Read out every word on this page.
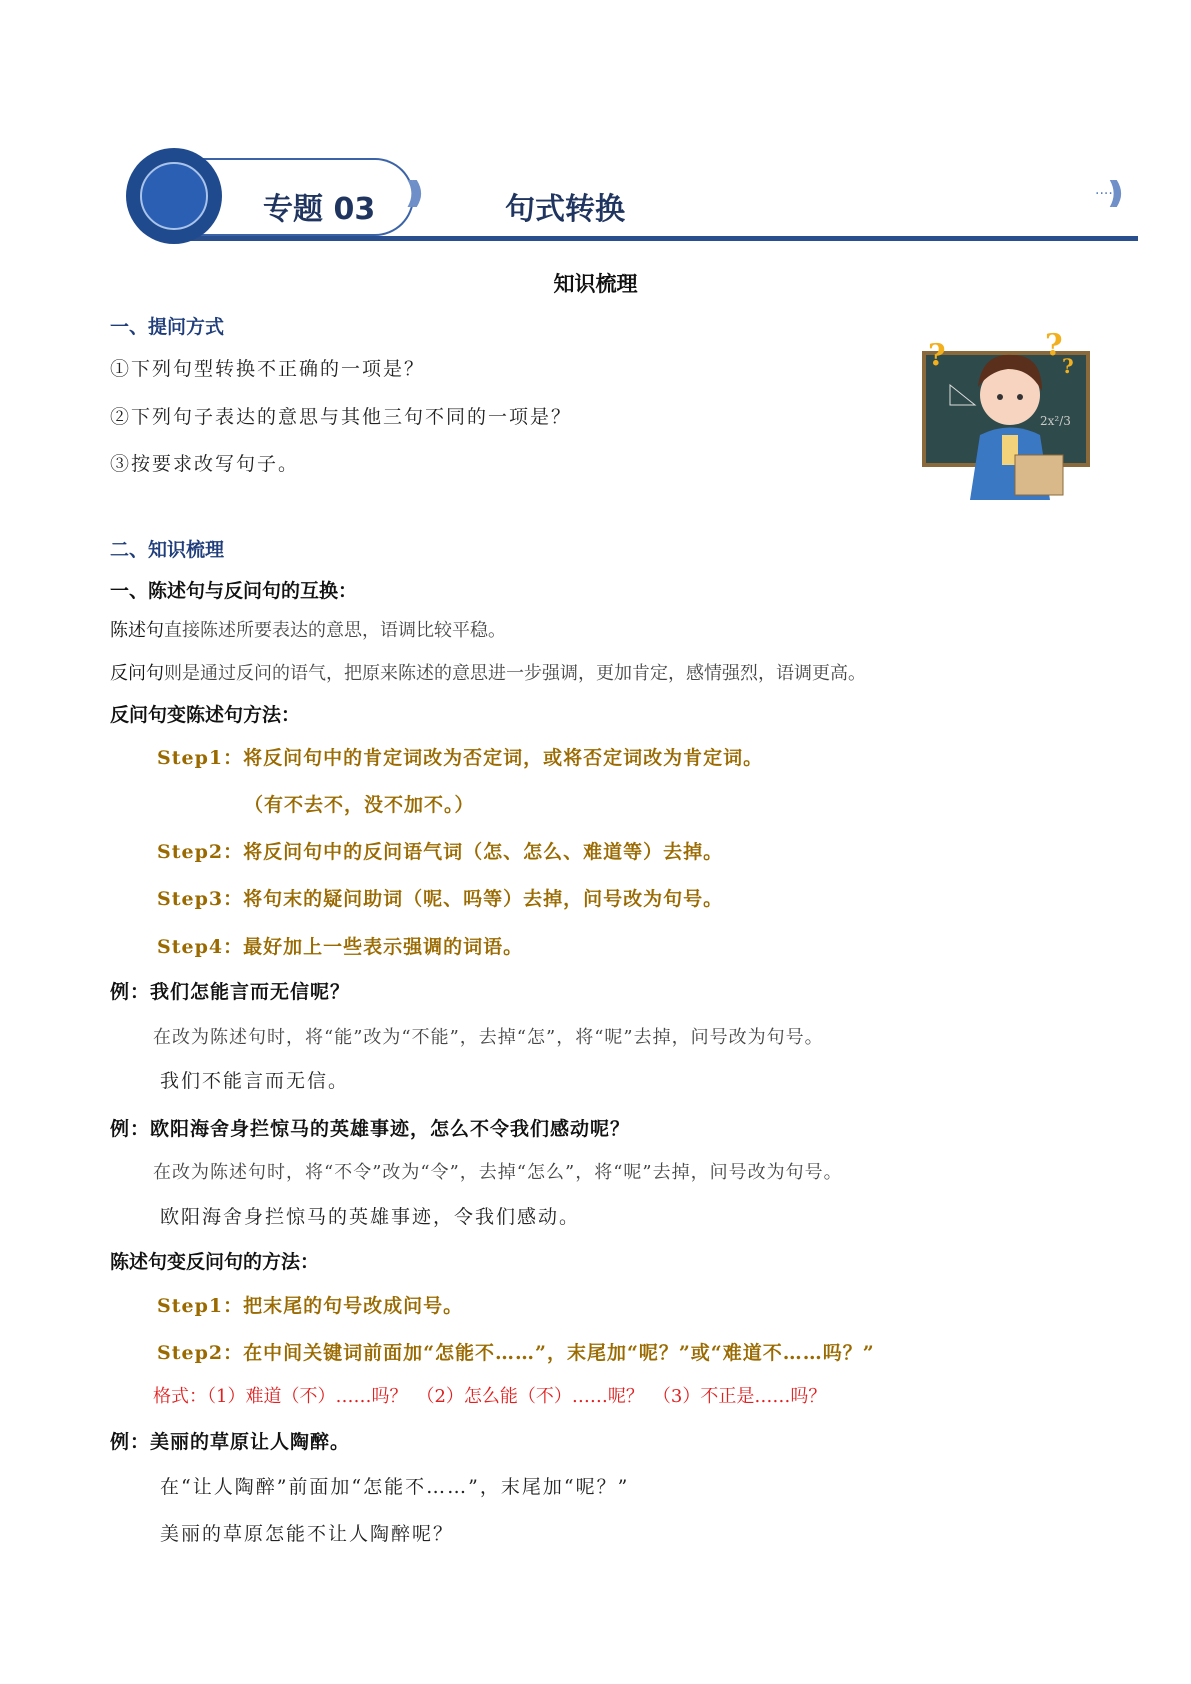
专题 03	句式转换	····
知识梳理
一、提问方式
①下列句型转换不正确的一项是？
②下列句子表达的意思与其他三句不同的一项是？
③按要求改写句子。
?	?
?
2x²/3
二、知识梳理
一、陈述句与反问句的互换：
陈述句直接陈述所要表达的意思，语调比较平稳。
反问句则是通过反问的语气，把原来陈述的意思进一步强调，更加肯定，感情强烈，语调更高。
反问句变陈述句方法：
Step1：将反问句中的肯定词改为否定词，或将否定词改为肯定词。
（有不去不，没不加不。）
Step2：将反问句中的反问语气词（怎、怎么、难道等）去掉。
Step3：将句末的疑问助词（呢、吗等）去掉，问号改为句号。
Step4：最好加上一些表示强调的词语。
例：我们怎能言而无信呢？
在改为陈述句时，将“能”改为“不能”，去掉“怎”，将“呢”去掉，问号改为句号。
我们不能言而无信。
例：欧阳海舍身拦惊马的英雄事迹，怎么不令我们感动呢？
在改为陈述句时，将“不令”改为“令”，去掉“怎么”，将“呢”去掉，问号改为句号。
欧阳海舍身拦惊马的英雄事迹，令我们感动。
陈述句变反问句的方法：
Step1：把末尾的句号改成问号。
Step2：在中间关键词前面加“怎能不……”，末尾加“呢？”或“难道不……吗？”
格式：（1）难道（不）……吗？　（2）怎么能（不）……呢？　（3）不正是……吗？
例：美丽的草原让人陶醉。
在“让人陶醉”前面加“怎能不……”，末尾加“呢？”
美丽的草原怎能不让人陶醉呢？
